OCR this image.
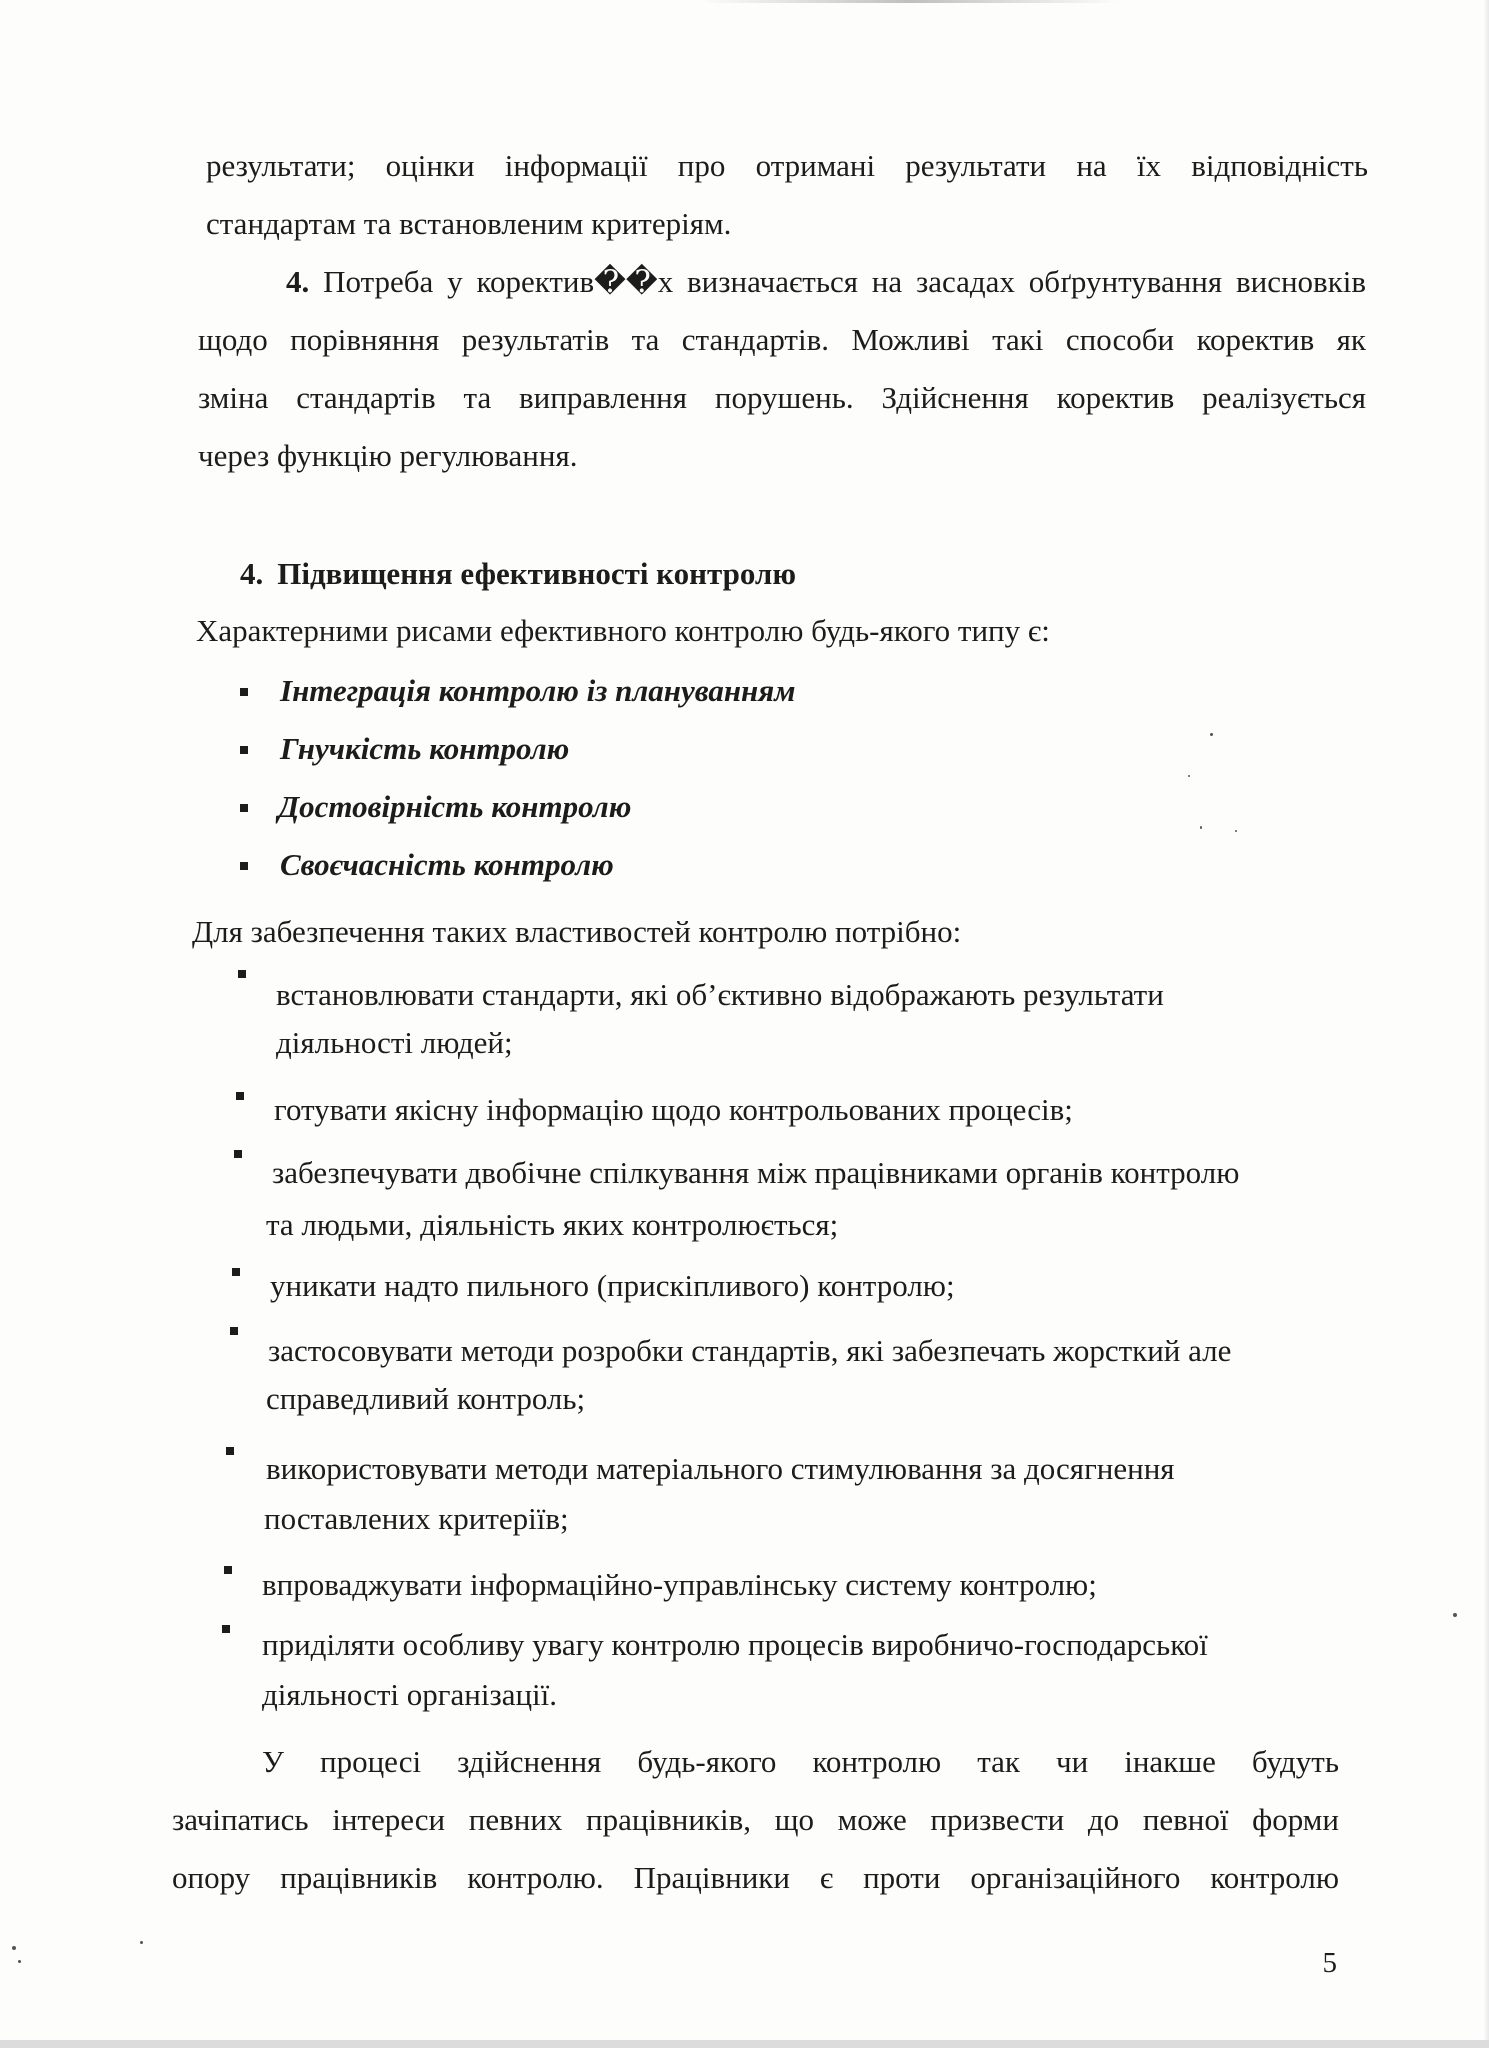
результати; оцінки інформації про отримані результати на їх відповідність
стандартам та встановленим критеріям.
4. Потреба у коректив��х визначається на засадах обґрунтування висновків
щодо порівняння результатів та стандартів. Можливі такі способи коректив як
зміна стандартів та виправлення порушень. Здійснення коректив реалізується
через функцію регулювання.
4. Підвищення ефективності контролю
Характерними рисами ефективного контролю будь-якого типу є:
Інтеграція контролю із плануванням
Гнучкість контролю
Достовірність контролю
Своєчасність контролю
Для забезпечення таких властивостей контролю потрібно:
встановлювати стандарти, які об’єктивно відображають результати
діяльності людей;
готувати якісну інформацію щодо контрольованих процесів;
забезпечувати двобічне спілкування між працівниками органів контролю
та людьми, діяльність яких контролюється;
уникати надто пильного (прискіпливого) контролю;
застосовувати методи розробки стандартів, які забезпечать жорсткий але
справедливий контроль;
використовувати методи матеріального стимулювання за досягнення
поставлених критеріїв;
впроваджувати інформаційно-управлінську систему контролю;
приділяти особливу увагу контролю процесів виробничо-господарської
діяльності організації.
У процесі здійснення будь-якого контролю так чи інакше будуть
зачіпатись інтереси певних працівників, що може призвести до певної форми
опору працівників контролю. Працівники є проти організаційного контролю
5
